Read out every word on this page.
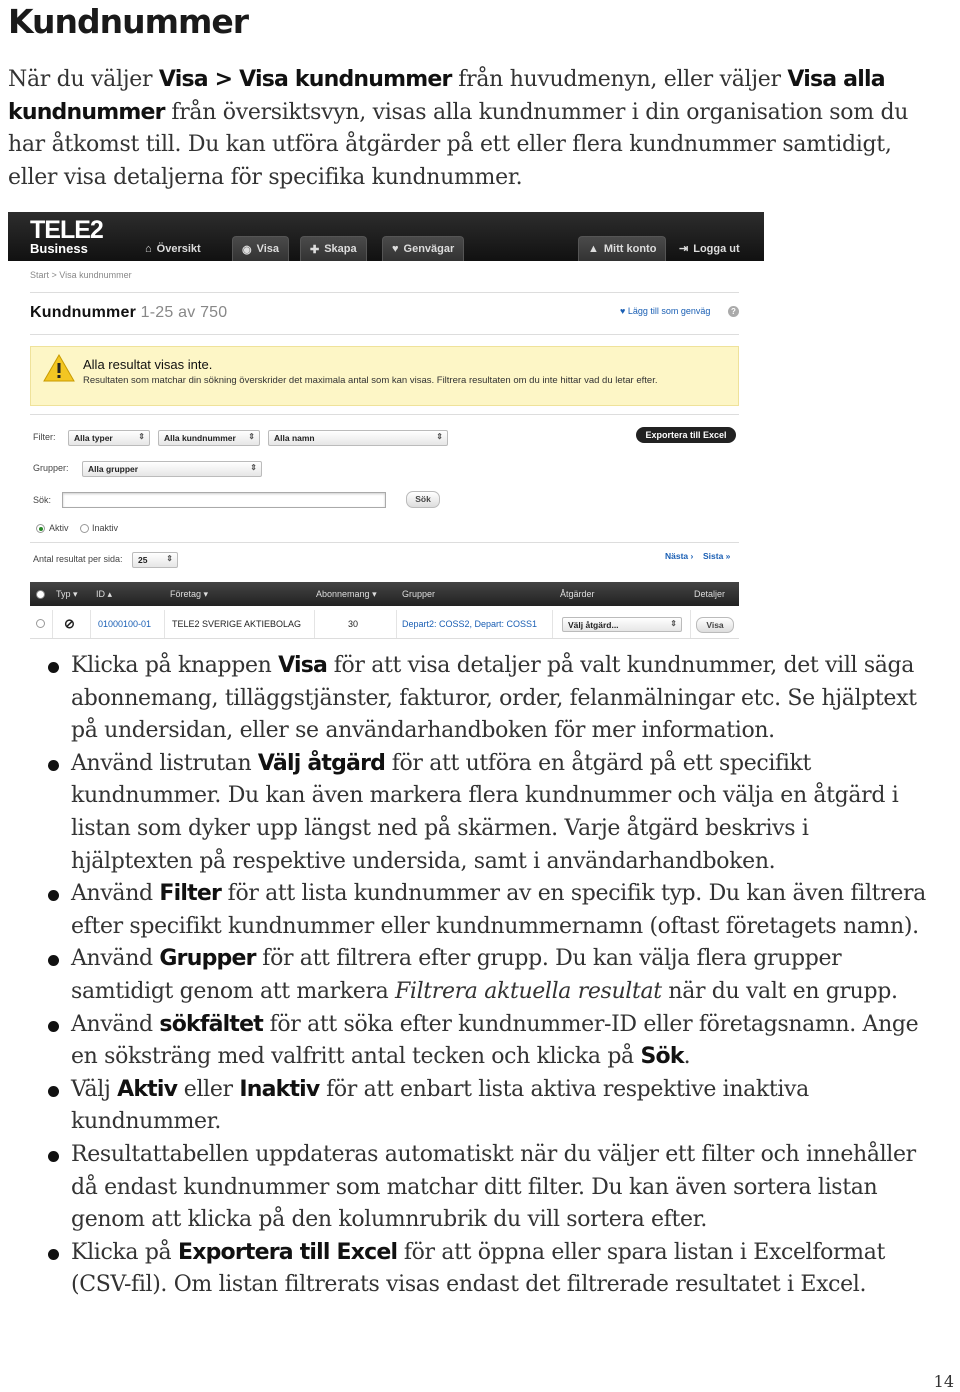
Kundnummer

När du väljer Visa > Visa kundnummer från huvudmenyn, eller väljer Visa alla kundnummer från översiktsvyn, visas alla kundnummer i din organisation som du har åtkomst till. Du kan utföra åtgärder på ett eller flera kundnummer samtidigt, eller visa detaljerna för specifika kundnummer.

TELE2
Business	⌂ Översikt	◉ Visa	✚ Skapa	♥ Genvägar	▲ Mitt konto ⇥ Logga ut
Start > Visa kundnummer
Kundnummer 1-25 av 750	♥ Lägg till som genväg	?
Alla resultat visas inte.
Resultaten som matchar din sökning överskrider det maximala antal som kan visas. Filtrera resultaten om du inte hittar vad du letar efter.
Filter:	Alla typer	⇕	Alla kundnummer ⇕	Alla namn	⇕	Exportera till Excel
Grupper:	Alla grupper	⇕
Sök:	Sök
Aktiv	Inaktiv
Antal resultat per sida:	25 ⇕	Nästa › Sista »
Typ ▾ ID ▴	Företag ▾	Abonnemang ▾	Grupper	Åtgärder	Detaljer
⊘	01000100-01 TELE2 SVERIGE AKTIEBOLAG	30	Depart2: COSS2, Depart: COSS1	Välj åtgärd...	⇕	Visa
Klicka på knappen Visa för att visa detaljer på valt kundnummer, det vill säga abonnemang, tilläggstjänster, fakturor, order, felanmälningar etc. Se hjälptext på undersidan, eller se användarhandboken för mer information.
Använd listrutan Välj åtgärd för att utföra en åtgärd på ett specifikt kundnummer. Du kan även markera flera kundnummer och välja en åtgärd i listan som dyker upp längst ned på skärmen. Varje åtgärd beskrivs i hjälptexten på respektive undersida, samt i användarhandboken.
Använd Filter för att lista kundnummer av en specifik typ. Du kan även filtrera efter specifikt kundnummer eller kundnummernamn (oftast företagets namn).
Använd Grupper för att filtrera efter grupp. Du kan välja flera grupper samtidigt genom att markera Filtrera aktuella resultat när du valt en grupp.
Använd sökfältet för att söka efter kundnummer-ID eller företagsnamn. Ange en söksträng med valfritt antal tecken och klicka på Sök.
Välj Aktiv eller Inaktiv för att enbart lista aktiva respektive inaktiva kundnummer.
Resultattabellen uppdateras automatiskt när du väljer ett filter och innehåller då endast kundnummer som matchar ditt filter. Du kan även sortera listan genom att klicka på den kolumnrubrik du vill sortera efter.
Klicka på Exportera till Excel för att öppna eller spara listan i Excelformat (CSV-fil). Om listan filtrerats visas endast det filtrerade resultatet i Excel.
14
